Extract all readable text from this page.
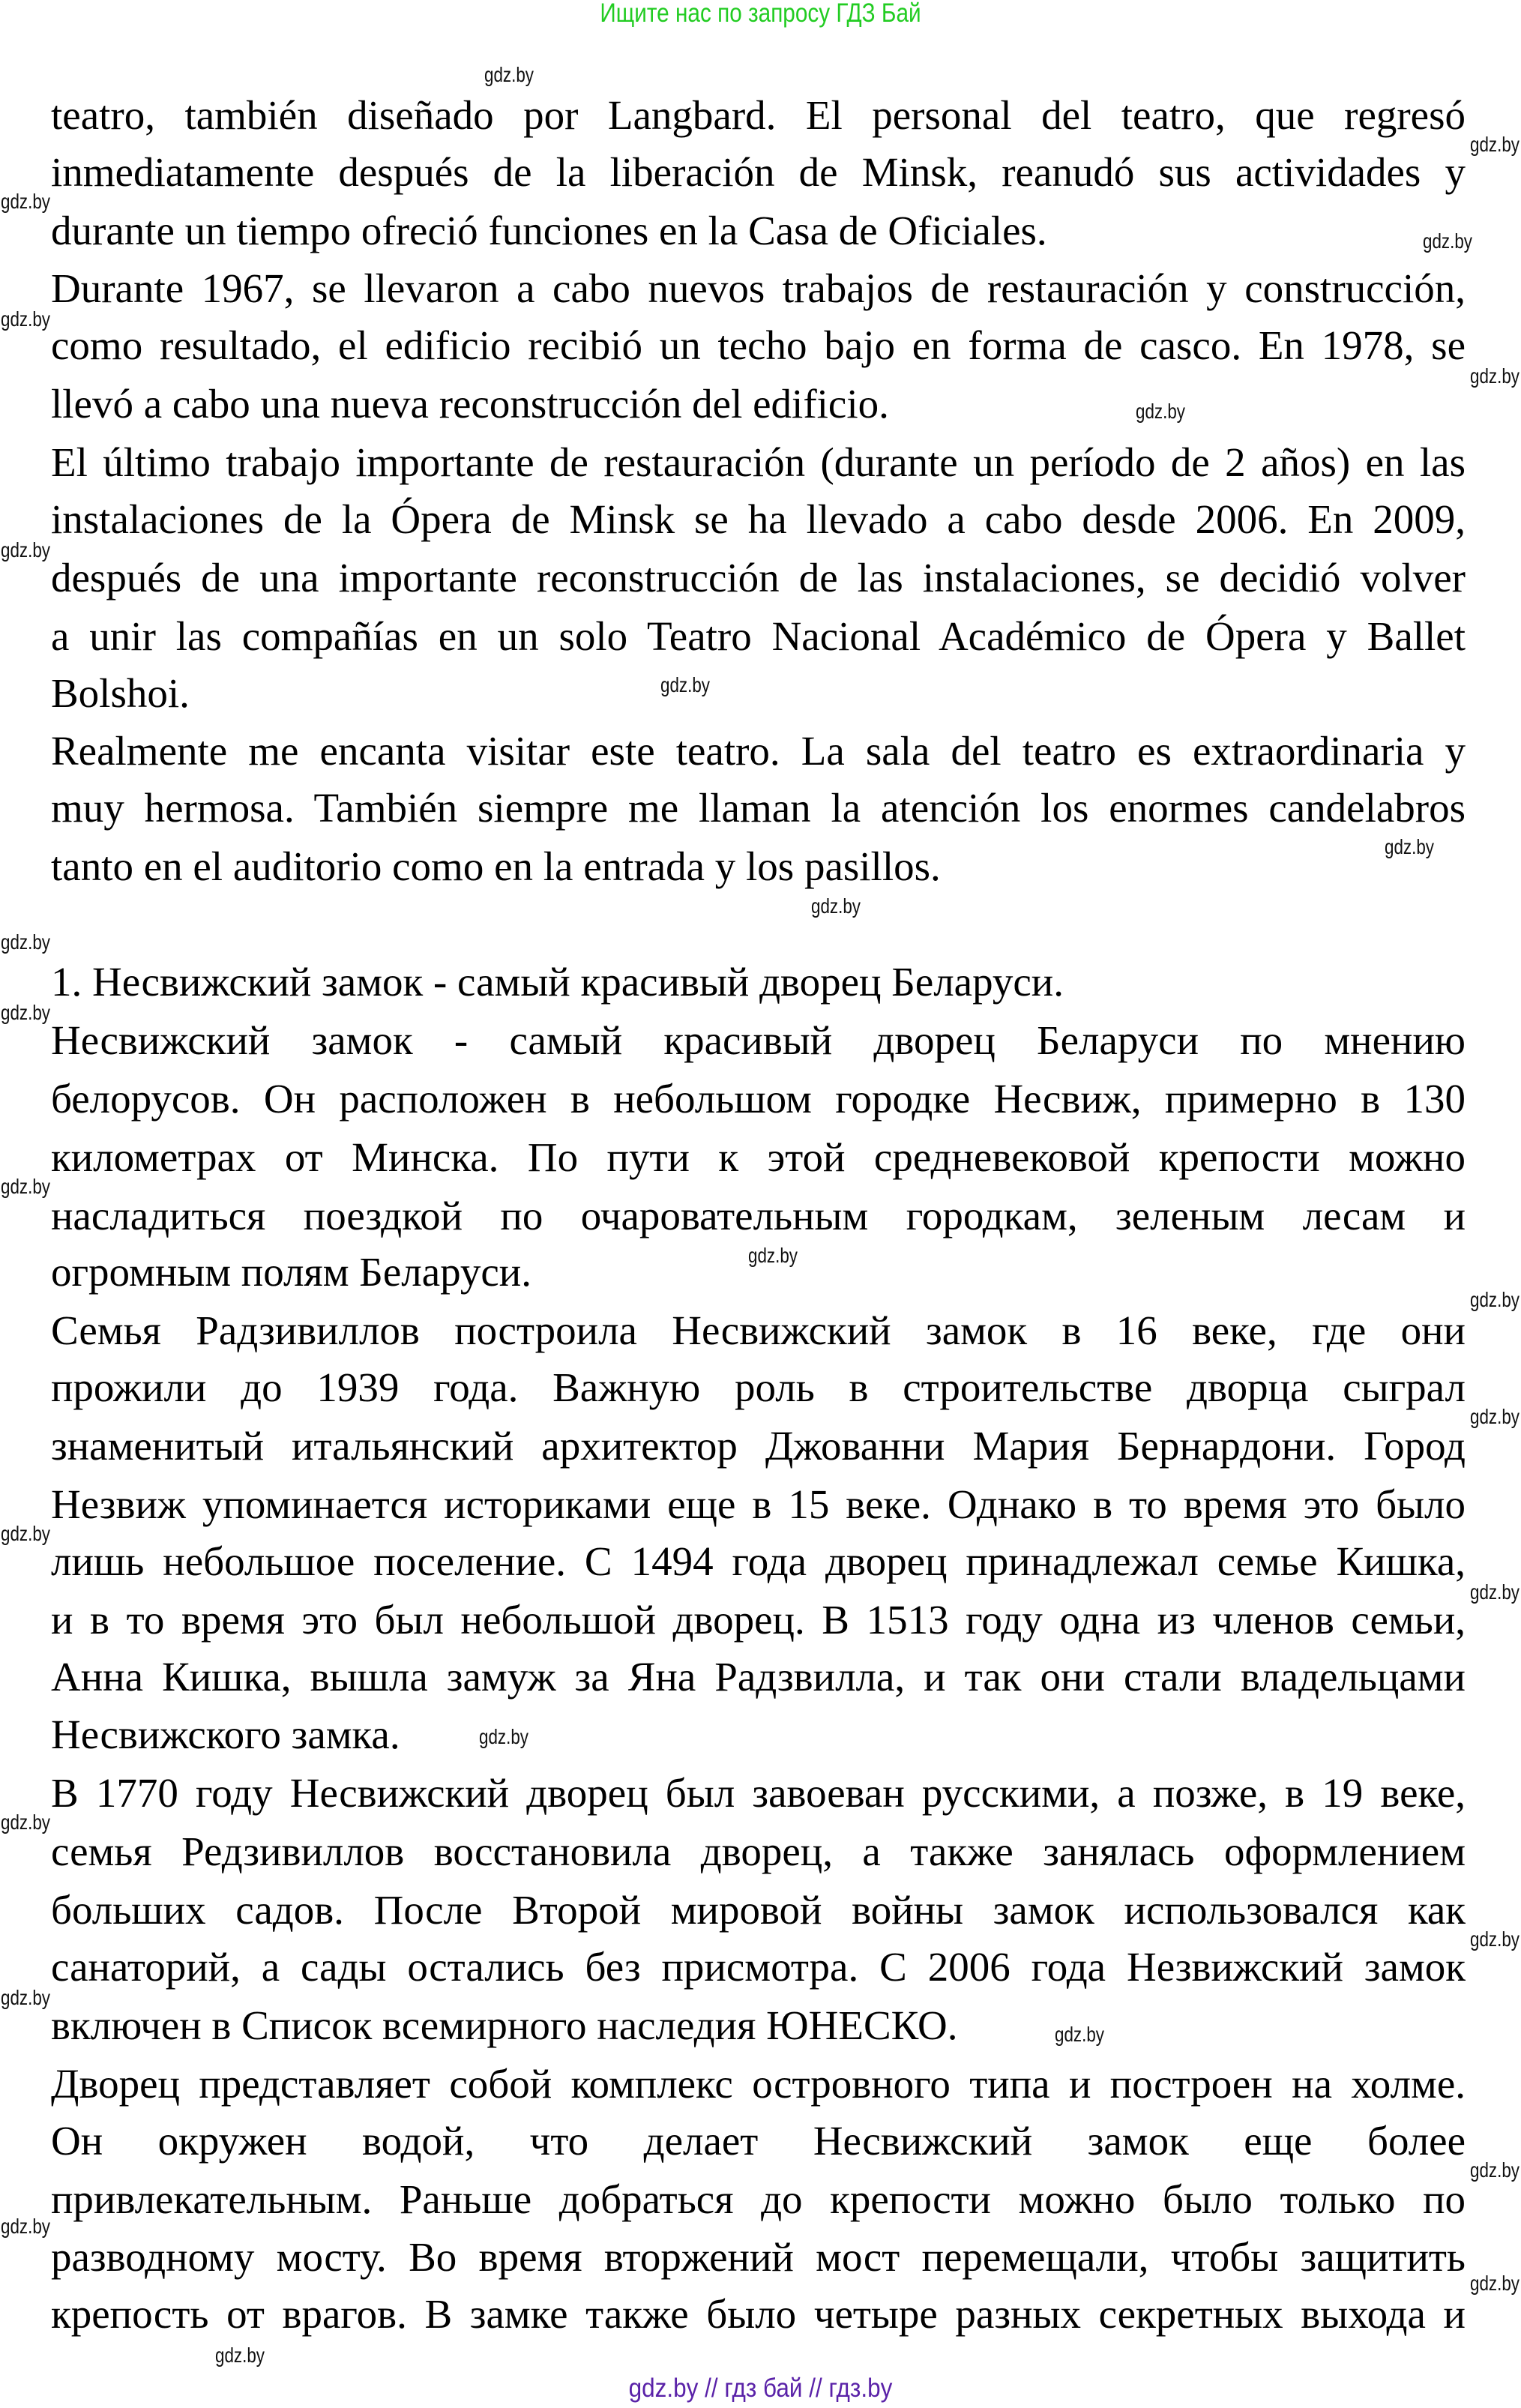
Ищите нас по запросу ГДЗ Бай
teatro, también diseñado por Langbard. El personal del teatro, que regresó
inmediatamente después de la liberación de Minsk, reanudó sus actividades y
durante un tiempo ofreció funciones en la Casa de Oficiales.
Durante 1967, se llevaron a cabo nuevos trabajos de restauración y construcción,
como resultado, el edificio recibió un techo bajo en forma de casco. En 1978, se
llevó a cabo una nueva reconstrucción del edificio.
El último trabajo importante de restauración (durante un período de 2 años) en las
instalaciones de la Ópera de Minsk se ha llevado a cabo desde 2006. En 2009,
después de una importante reconstrucción de las instalaciones, se decidió volver
a unir las compañías en un solo Teatro Nacional Académico de Ópera y Ballet
Bolshoi.
Realmente me encanta visitar este teatro. La sala del teatro es extraordinaria y
muy hermosa. También siempre me llaman la atención los enormes candelabros
tanto en el auditorio como en la entrada y los pasillos.
1. Несвижский замок - самый красивый дворец Беларуси.
Несвижский замок - самый красивый дворец Беларуси по мнению
белорусов. Он расположен в небольшом городке Несвиж, примерно в 130
километрах от Минска. По пути к этой средневековой крепости можно
насладиться поездкой по очаровательным городкам, зеленым лесам и
огромным полям Беларуси.
Семья Радзивиллов построила Несвижский замок в 16 веке, где они
прожили до 1939 года. Важную роль в строительстве дворца сыграл
знаменитый итальянский архитектор Джованни Мария Бернардони. Город
Незвиж упоминается историками еще в 15 веке. Однако в то время это было
лишь небольшое поселение. С 1494 года дворец принадлежал семье Кишка,
и в то время это был небольшой дворец. В 1513 году одна из членов семьи,
Анна Кишка, вышла замуж за Яна Радзвилла, и так они стали владельцами
Несвижского замка.
В 1770 году Несвижский дворец был завоеван русскими, а позже, в 19 веке,
семья Редзивиллов восстановила дворец, а также занялась оформлением
больших садов. После Второй мировой войны замок использовался как
санаторий, а сады остались без присмотра. С 2006 года Незвижский замок
включен в Список всемирного наследия ЮНЕСКО.
Дворец представляет собой комплекс островного типа и построен на холме.
Он окружен водой, что делает Несвижский замок еще более
привлекательным. Раньше добраться до крепости можно было только по
разводному мосту. Во время вторжений мост перемещали, чтобы защитить
крепость от врагов. В замке также было четыре разных секретных выхода и
gdz.by // гдз бай // гдз.by
gdz.by
gdz.by
gdz.by
gdz.by
gdz.by
gdz.by
gdz.by
gdz.by
gdz.by
gdz.by
gdz.by
gdz.by
gdz.by
gdz.by
gdz.by
gdz.by
gdz.by
gdz.by
gdz.by
gdz.by
gdz.by
gdz.by
gdz.by
gdz.by
gdz.by
gdz.by
gdz.by
gdz.by
